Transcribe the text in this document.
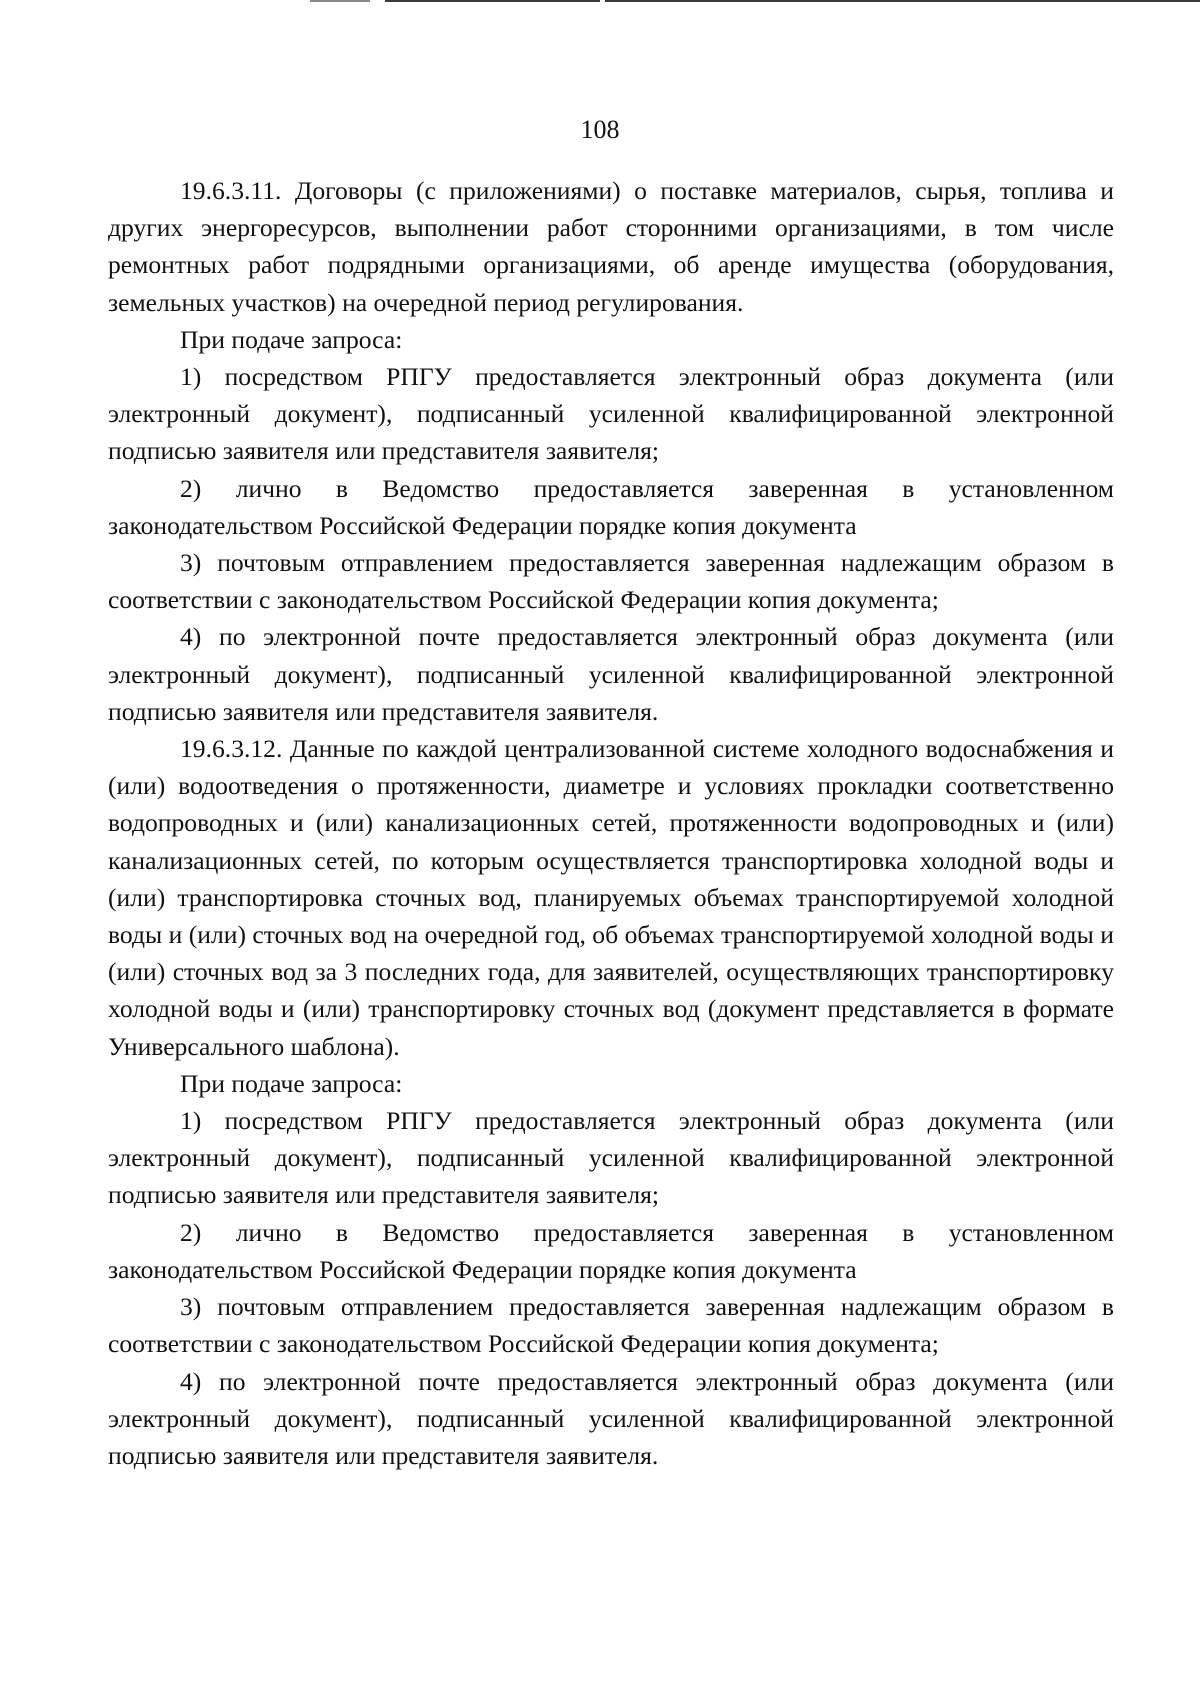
108

19.6.3.11. Договоры (с приложениями) о поставке материалов, сырья, топлива и других энергоресурсов, выполнении работ сторонними организациями, в том числе ремонтных работ подрядными организациями, об аренде имущества (оборудования, земельных участков) на очередной период регулирования.

При подаче запроса:

1) посредством РПГУ предоставляется электронный образ документа (или электронный документ), подписанный усиленной квалифицированной электронной подписью заявителя или представителя заявителя;

2) лично в Ведомство предоставляется заверенная в установленном законодательством Российской Федерации порядке копия документа

3) почтовым отправлением предоставляется заверенная надлежащим образом в соответствии с законодательством Российской Федерации копия документа;

4) по электронной почте предоставляется электронный образ документа (или электронный документ), подписанный усиленной квалифицированной электронной подписью заявителя или представителя заявителя.

19.6.3.12. Данные по каждой централизованной системе холодного водоснабжения и (или) водоотведения о протяженности, диаметре и условиях прокладки соответственно водопроводных и (или) канализационных сетей, протяженности водопроводных и (или) канализационных сетей, по которым осуществляется транспортировка холодной воды и (или) транспортировка сточных вод, планируемых объемах транспортируемой холодной воды и (или) сточных вод на очередной год, об объемах транспортируемой холодной воды и (или) сточных вод за 3 последних года, для заявителей, осуществляющих транспортировку холодной воды и (или) транспортировку сточных вод (документ представляется в формате Универсального шаблона).

При подаче запроса:

1) посредством РПГУ предоставляется электронный образ документа (или электронный документ), подписанный усиленной квалифицированной электронной подписью заявителя или представителя заявителя;

2) лично в Ведомство предоставляется заверенная в установленном законодательством Российской Федерации порядке копия документа

3) почтовым отправлением предоставляется заверенная надлежащим образом в соответствии с законодательством Российской Федерации копия документа;

4) по электронной почте предоставляется электронный образ документа (или электронный документ), подписанный усиленной квалифицированной электронной подписью заявителя или представителя заявителя.
